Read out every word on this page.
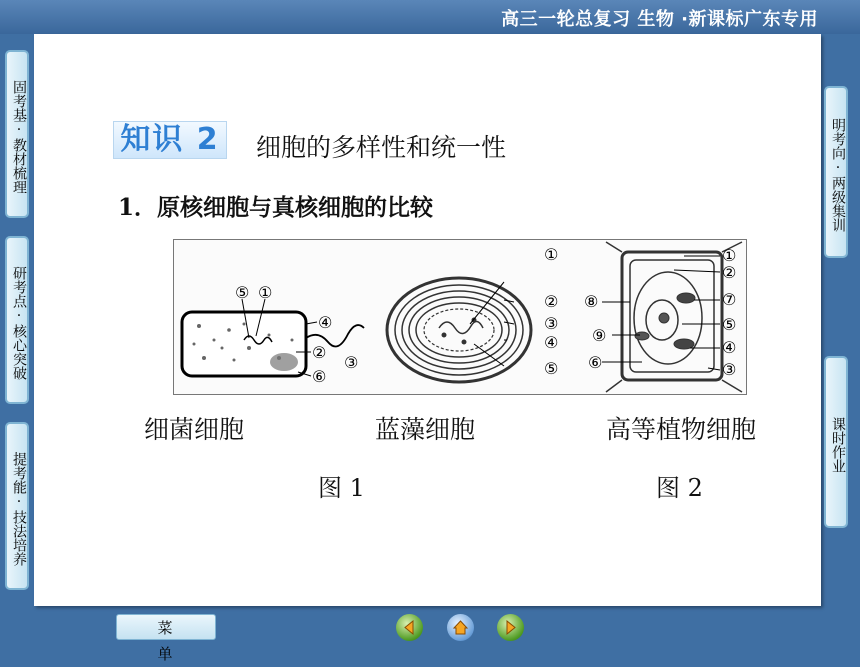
高三一轮总复习 生物 ·新课标广东专用
固考基·教材梳理
研考点·核心突破
提考能·技法培养
明考向·两级集训
课时作业
知识 2 细胞的多样性和统一性
1．原核细胞与真核细胞的比较
⑤ ①
④
②
③
⑥
①
②
③
④
⑤
①
②
⑧	⑦
⑨
⑤
⑥
④
③
细菌细胞	蓝藻细胞	高等植物细胞
图 1	图 2
菜单
